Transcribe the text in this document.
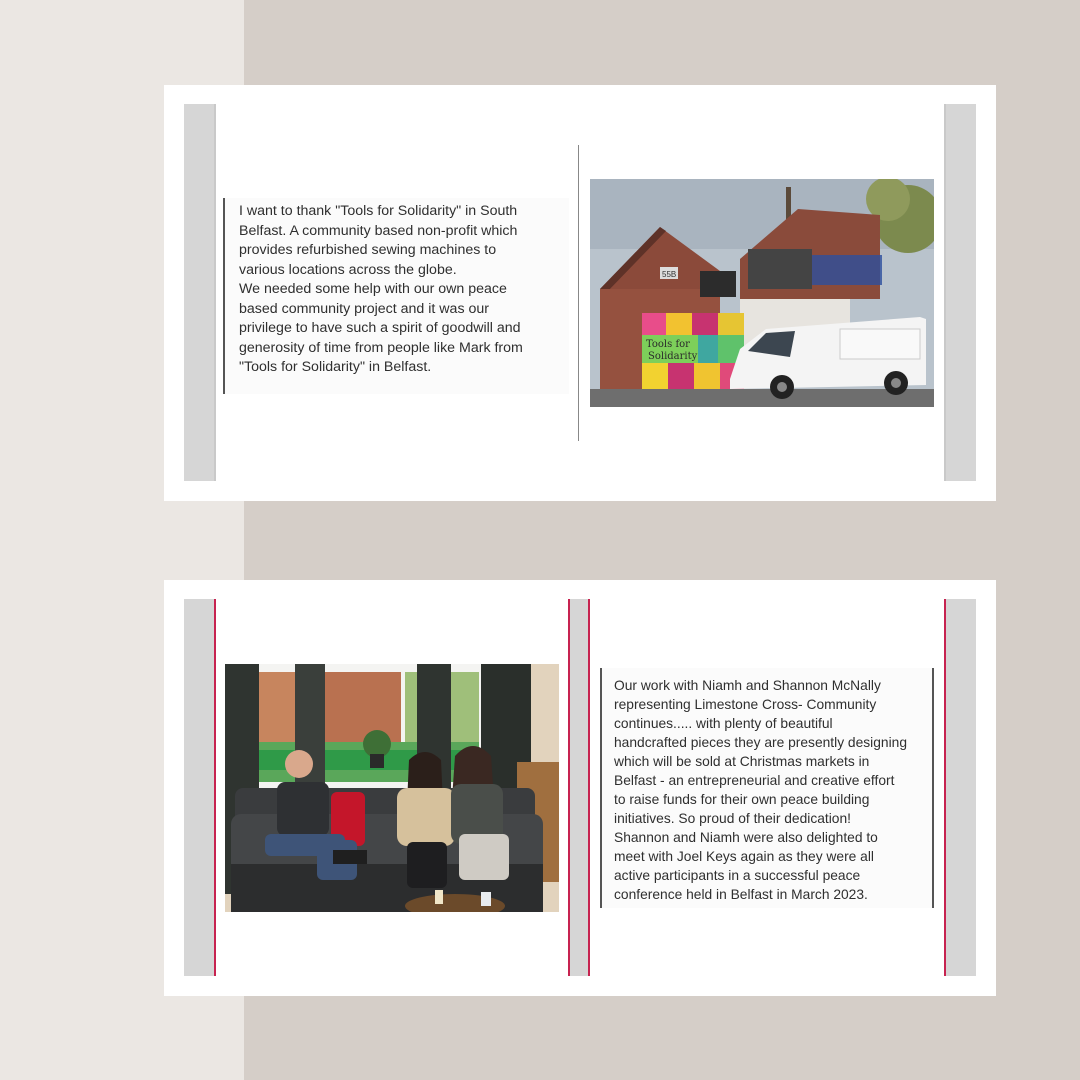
I want to thank "Tools for Solidarity" in South
Belfast. A community based non-profit which
provides refurbished sewing machines to
various locations across the globe.
We needed some help with our own peace
based community project and it was our
privilege to have such a spirit of goodwill and
generosity of time from people like Mark from
"Tools for Solidarity" in Belfast.
55B
Tools for
Solidarity
Our work with Niamh and Shannon McNally
representing Limestone Cross- Community
continues..... with plenty of beautiful
handcrafted pieces they are presently designing
which will be sold at Christmas markets in
Belfast - an entrepreneurial and creative effort
to raise funds for their own peace building
initiatives. So proud of their dedication!
Shannon and Niamh were also delighted to
meet with Joel Keys again as they were all
active participants in a successful peace
conference held in Belfast in March 2023.
